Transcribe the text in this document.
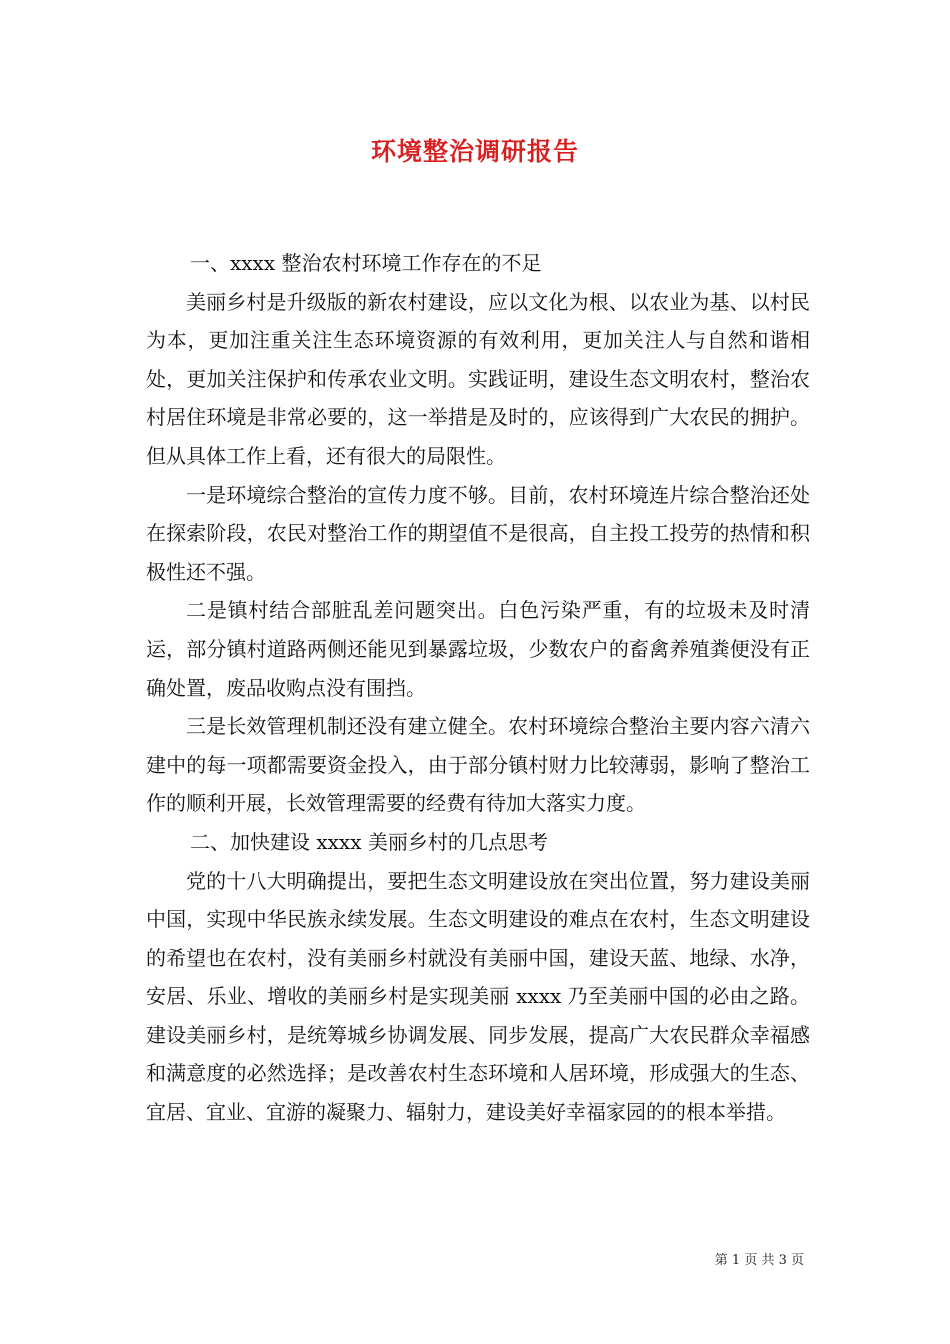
环境整治调研报告

一、xxxx 整治农村环境工作存在的不足

美丽乡村是升级版的新农村建设，应以文化为根、以农业为基、以村民为本，更加注重关注生态环境资源的有效利用，更加关注人与自然和谐相处，更加关注保护和传承农业文明。实践证明，建设生态文明农村，整治农村居住环境是非常必要的，这一举措是及时的，应该得到广大农民的拥护。但从具体工作上看，还有很大的局限性。

一是环境综合整治的宣传力度不够。目前，农村环境连片综合整治还处在探索阶段，农民对整治工作的期望值不是很高，自主投工投劳的热情和积极性还不强。

二是镇村结合部脏乱差问题突出。白色污染严重，有的垃圾未及时清运，部分镇村道路两侧还能见到暴露垃圾，少数农户的畜禽养殖粪便没有正确处置，废品收购点没有围挡。

三是长效管理机制还没有建立健全。农村环境综合整治主要内容六清六建中的每一项都需要资金投入，由于部分镇村财力比较薄弱，影响了整治工作的顺利开展，长效管理需要的经费有待加大落实力度。

二、加快建设 xxxx 美丽乡村的几点思考

党的十八大明确提出，要把生态文明建设放在突出位置，努力建设美丽中国，实现中华民族永续发展。生态文明建设的难点在农村，生态文明建设的希望也在农村，没有美丽乡村就没有美丽中国，建设天蓝、地绿、水净，安居、乐业、增收的美丽乡村是实现美丽 xxxx 乃至美丽中国的必由之路。建设美丽乡村，是统筹城乡协调发展、同步发展，提高广大农民群众幸福感和满意度的必然选择；是改善农村生态环境和人居环境，形成强大的生态、宜居、宜业、宜游的凝聚力、辐射力，建设美好幸福家园的的根本举措。

第 1 页 共 3 页
